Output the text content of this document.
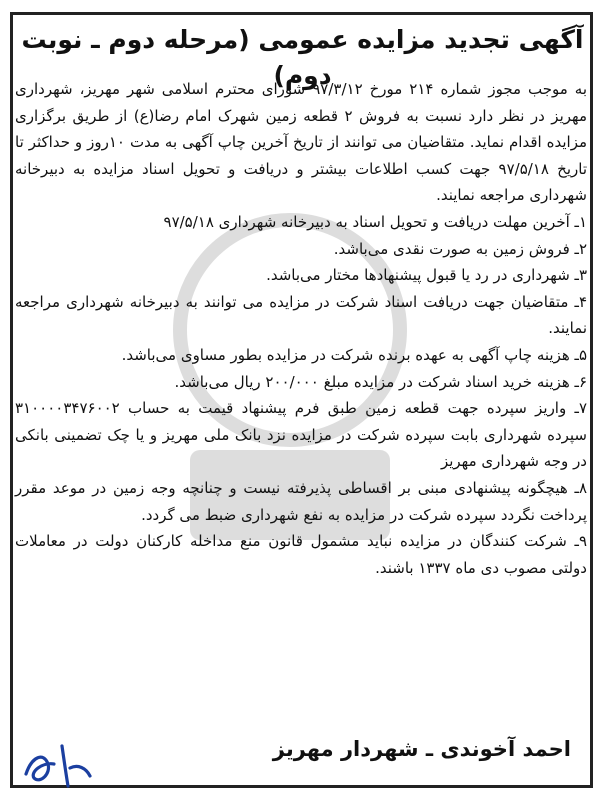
آگهی تجدید مزایده عمومی (مرحله دوم ـ نوبت دوم)

به موجب مجوز شماره ۲۱۴ مورخ ۹۷/۳/۱۲ شورای محترم اسلامی شهر مهریز، شهرداری مهریز در نظر دارد نسبت به فروش ۲ قطعه زمین شهرک امام رضا(ع) از طریق برگزاری مزایده اقدام نماید. متقاضیان می توانند از تاریخ آخرین چاپ آگهی به مدت ۱۰روز و حداکثر تا تاریخ ۹۷/۵/۱۸ جهت کسب اطلاعات بیشتر و دریافت و تحویل اسناد مزایده به دبیرخانه شهرداری مراجعه نمایند.

۱ـ آخرین مهلت دریافت و تحویل اسناد به دبیرخانه شهرداری ۹۷/۵/۱۸

۲ـ فروش زمین به صورت نقدی می‌باشد.

۳ـ شهرداری در رد یا قبول پیشنهادها مختار می‌باشد.

۴ـ متقاضیان جهت دریافت اسناد شرکت در مزایده می توانند به دبیرخانه شهرداری مراجعه نمایند.

۵ـ هزینه چاپ آگهی به عهده برنده شرکت در مزایده بطور مساوی می‌باشد.

۶ـ هزینه خرید اسناد شرکت در مزایده مبلغ ۲۰۰/۰۰۰ ریال می‌باشد.

۷ـ واریز سپرده جهت قطعه زمین طبق فرم پیشنهاد قیمت به حساب ۳۱۰۰۰۰۳۴۷۶۰۰۲ سپرده شهرداری بابت سپرده شرکت در مزایده نزد بانک ملی مهریز و یا چک تضمینی بانکی در وجه شهرداری مهریز

۸ـ هیچگونه پیشنهادی مبنی بر اقساطی پذیرفته نیست و چنانچه وجه زمین در موعد مقرر پرداخت نگردد سپرده شرکت در مزایده به نفع شهرداری ضبط می گردد.

۹ـ شرکت کنندگان در مزایده نباید مشمول قانون منع مداخله کارکنان دولت در معاملات دولتی مصوب دی ماه ۱۳۳۷ باشند.

احمد آخوندی ـ شهردار مهریز
